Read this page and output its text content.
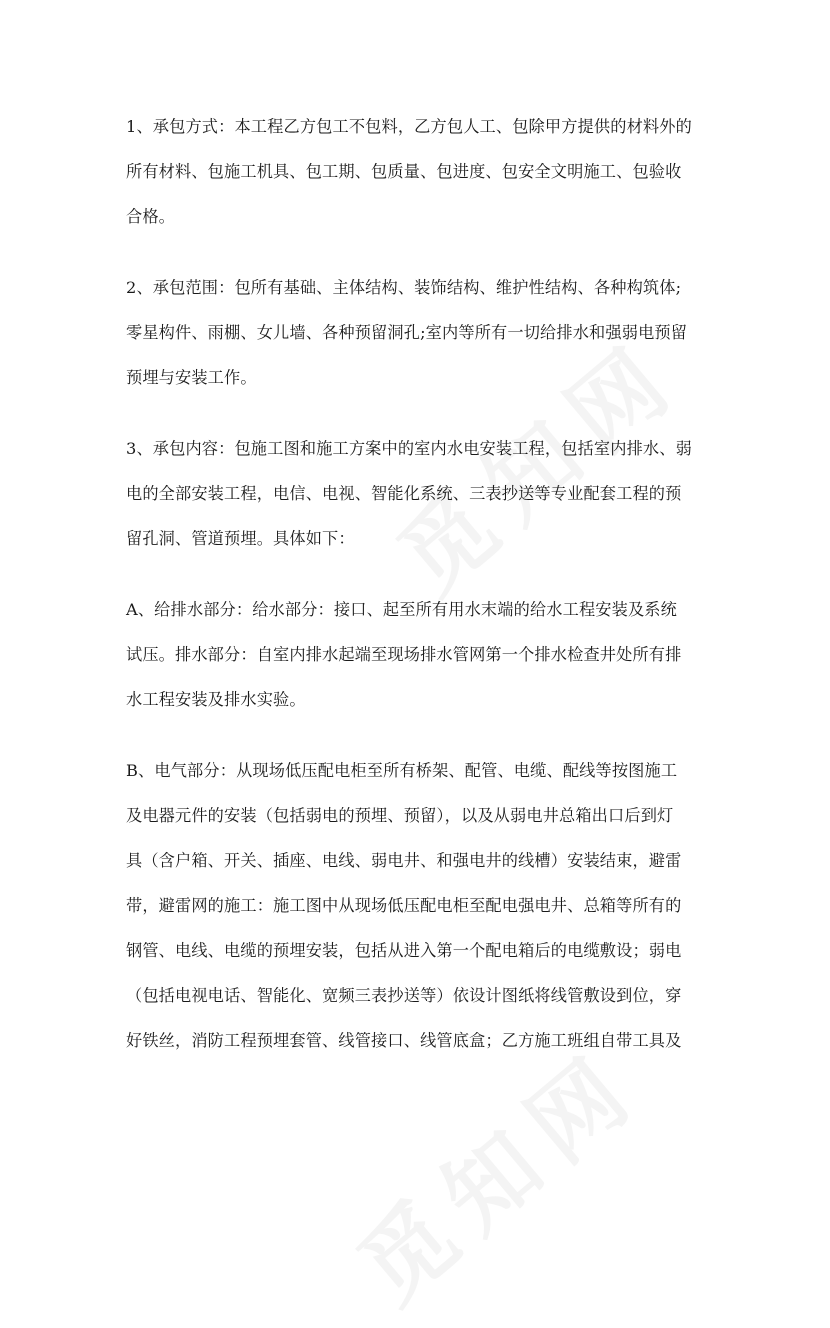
1、承包方式：本工程乙方包工不包料，乙方包人工、包除甲方提供的材料外的
所有材料、包施工机具、包工期、包质量、包进度、包安全文明施工、包验收
合格。

2、承包范围：包所有基础、主体结构、装饰结构、维护性结构、各种构筑体;
零星构件、雨棚、女儿墙、各种预留洞孔;室内等所有一切给排水和强弱电预留
预埋与安装工作。

3、承包内容：包施工图和施工方案中的室内水电安装工程，包括室内排水、弱
电的全部安装工程，电信、电视、智能化系统、三表抄送等专业配套工程的预
留孔洞、管道预埋。具体如下：

A、给排水部分：给水部分：接口、起至所有用水末端的给水工程安装及系统
试压。排水部分：自室内排水起端至现场排水管网第一个排水检查井处所有排
水工程安装及排水实验。

B、电气部分：从现场低压配电柜至所有桥架、配管、电缆、配线等按图施工
及电器元件的安装（包括弱电的预埋、预留），以及从弱电井总箱出口后到灯
具（含户箱、开关、插座、电线、弱电井、和强电井的线槽）安装结束，避雷
带，避雷网的施工：施工图中从现场低压配电柜至配电强电井、总箱等所有的
钢管、电线、电缆的预埋安装，包括从进入第一个配电箱后的电缆敷设；弱电
（包括电视电话、智能化、宽频三表抄送等）依设计图纸将线管敷设到位，穿
好铁丝，消防工程预埋套管、线管接口、线管底盒；乙方施工班组自带工具及
